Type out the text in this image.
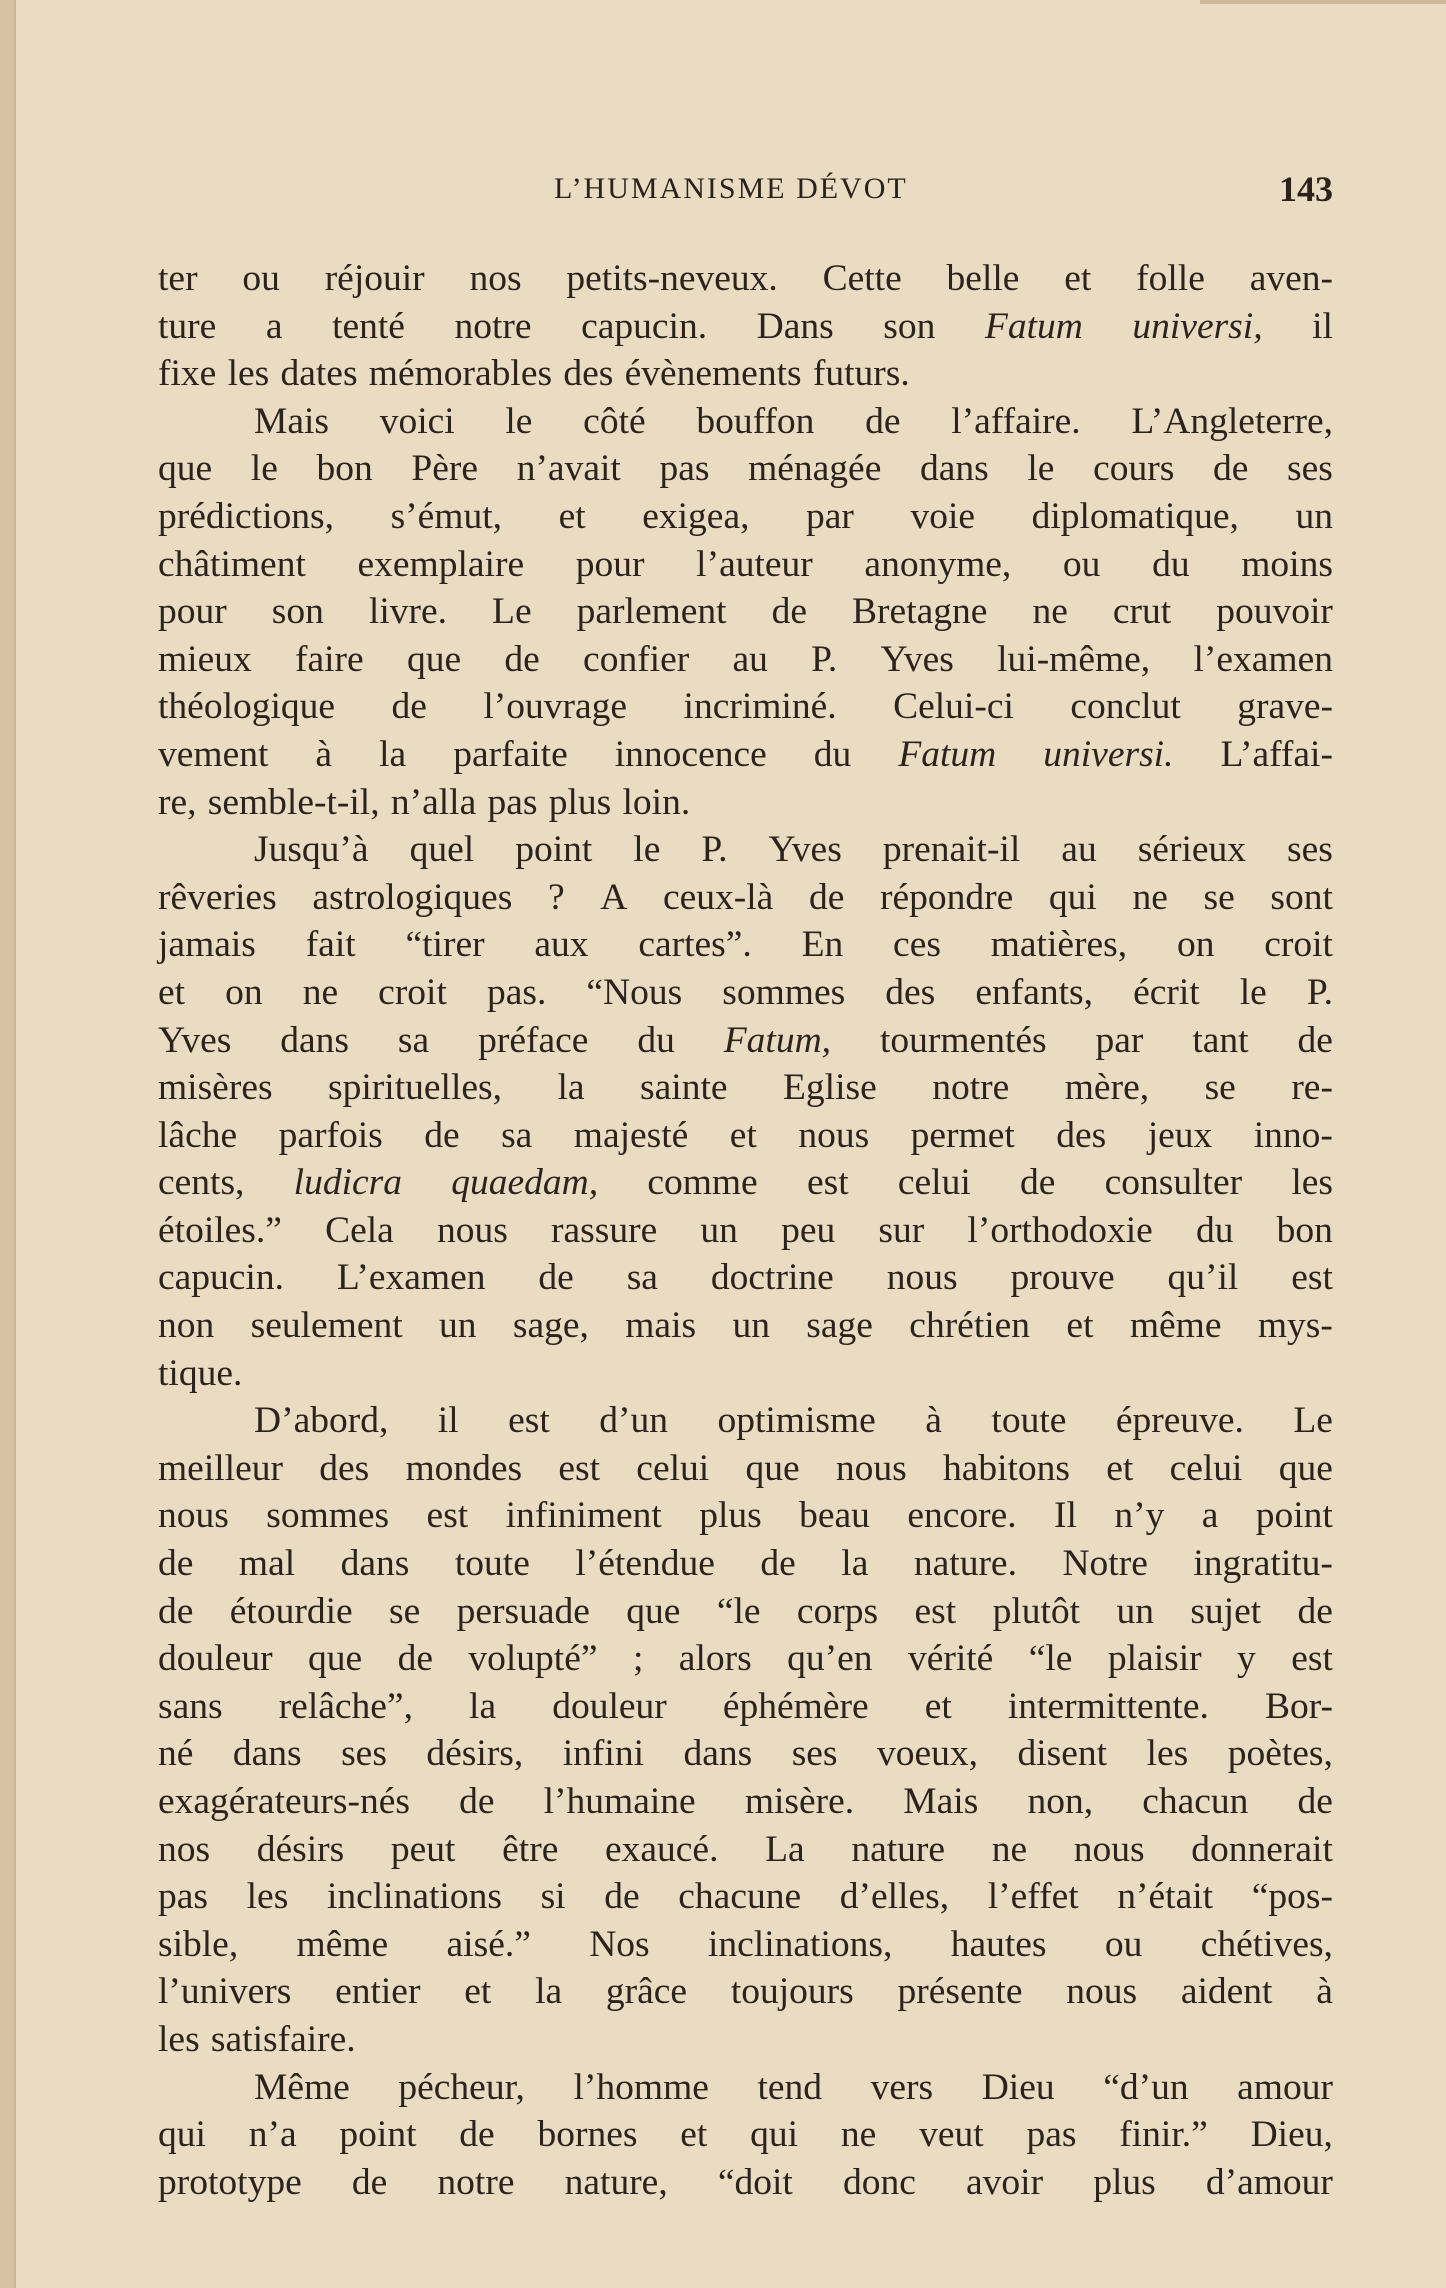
L’HUMANISME DÉVOT	143
ter ou réjouir nos petits-neveux. Cette belle et folle aven-
ture a tenté notre capucin. Dans son Fatum universi, il
fixe les dates mémorables des évènements futurs.
Mais voici le côté bouffon de l’affaire. L’Angleterre,
que le bon Père n’avait pas ménagée dans le cours de ses
prédictions, s’émut, et exigea, par voie diplomatique, un
châtiment exemplaire pour l’auteur anonyme, ou du moins
pour son livre. Le parlement de Bretagne ne crut pouvoir
mieux faire que de confier au P. Yves lui-même, l’examen
théologique de l’ouvrage incriminé. Celui-ci conclut grave-
vement à la parfaite innocence du Fatum universi. L’affai-
re, semble-t-il, n’alla pas plus loin.
Jusqu’à quel point le P. Yves prenait-il au sérieux ses
rêveries astrologiques ? A ceux-là de répondre qui ne se sont
jamais fait “tirer aux cartes”. En ces matières, on croit
et on ne croit pas. “Nous sommes des enfants, écrit le P.
Yves dans sa préface du Fatum, tourmentés par tant de
misères spirituelles, la sainte Eglise notre mère, se re-
lâche parfois de sa majesté et nous permet des jeux inno-
cents, ludicra quaedam, comme est celui de consulter les
étoiles.” Cela nous rassure un peu sur l’orthodoxie du bon
capucin. L’examen de sa doctrine nous prouve qu’il est
non seulement un sage, mais un sage chrétien et même mys-
tique.
D’abord, il est d’un optimisme à toute épreuve. Le
meilleur des mondes est celui que nous habitons et celui que
nous sommes est infiniment plus beau encore. Il n’y a point
de mal dans toute l’étendue de la nature. Notre ingratitu-
de étourdie se persuade que “le corps est plutôt un sujet de
douleur que de volupté” ; alors qu’en vérité “le plaisir y est
sans relâche”, la douleur éphémère et intermittente. Bor-
né dans ses désirs, infini dans ses voeux, disent les poètes,
exagérateurs-nés de l’humaine misère. Mais non, chacun de
nos désirs peut être exaucé. La nature ne nous donnerait
pas les inclinations si de chacune d’elles, l’effet n’était “pos-
sible, même aisé.” Nos inclinations, hautes ou chétives,
l’univers entier et la grâce toujours présente nous aident à
les satisfaire.
Même pécheur, l’homme tend vers Dieu “d’un amour
qui n’a point de bornes et qui ne veut pas finir.” Dieu,
prototype de notre nature, “doit donc avoir plus d’amour
